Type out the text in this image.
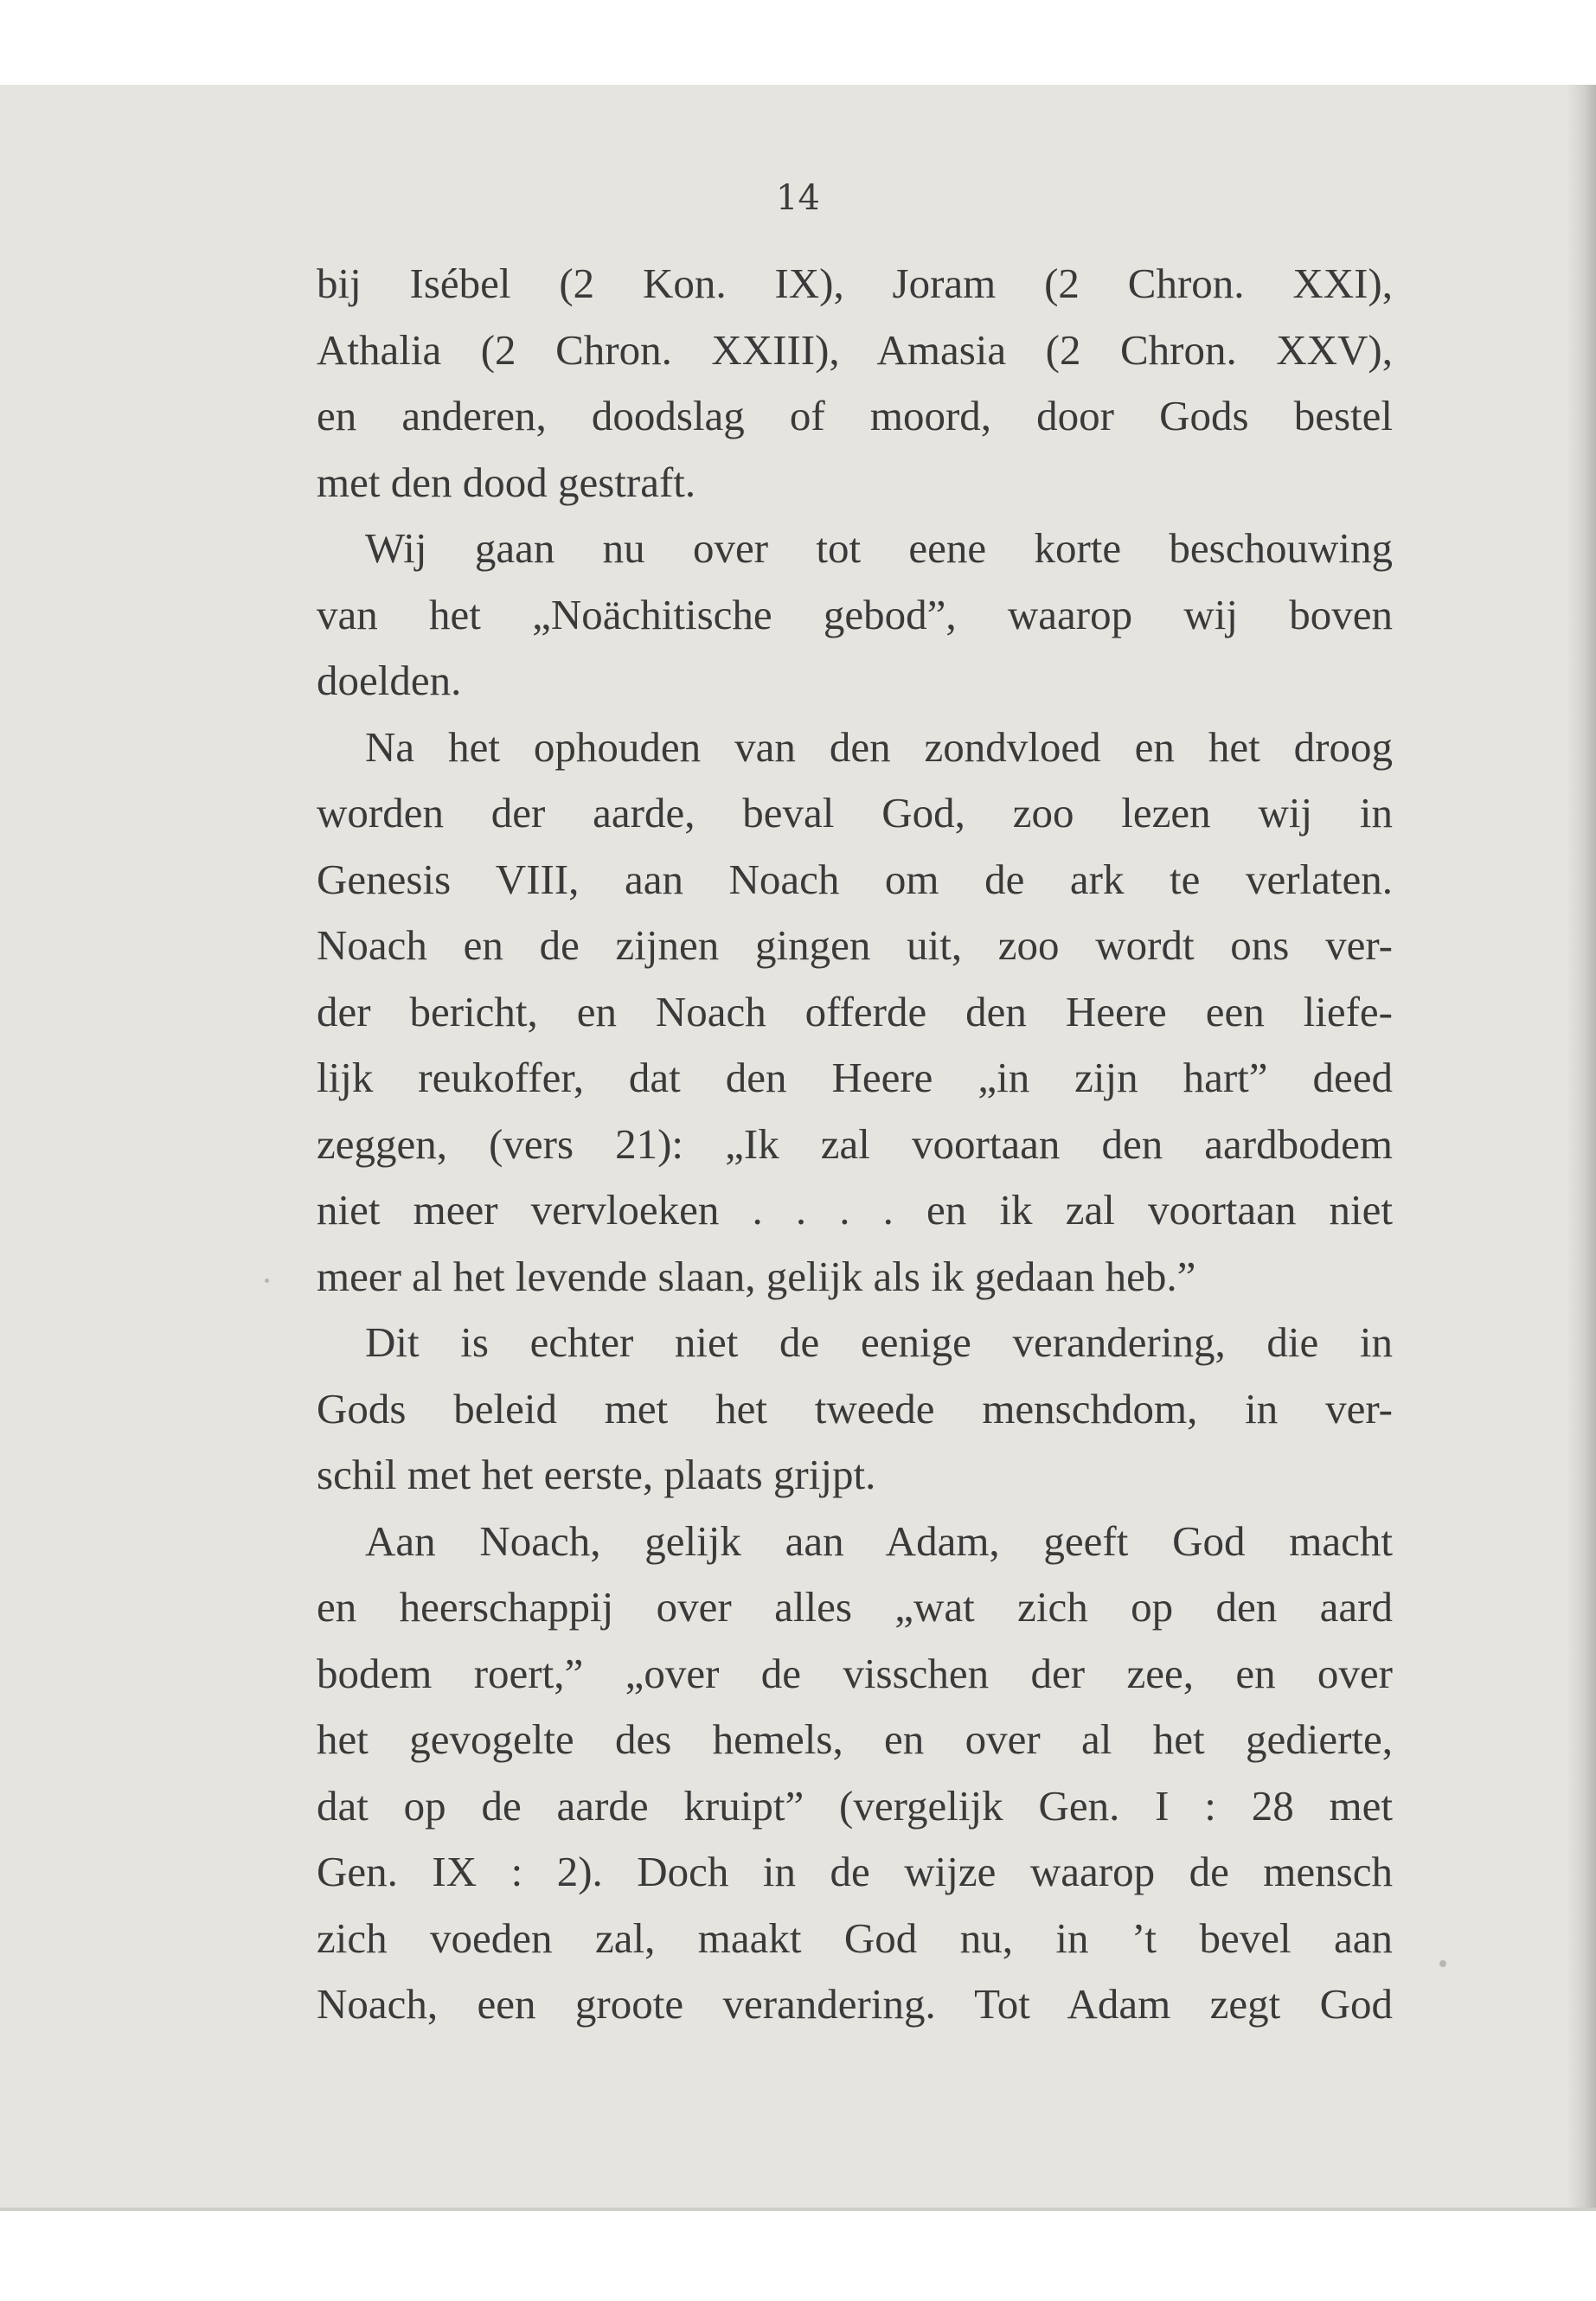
14
bij Isébel (2 Kon. IX), Joram (2 Chron. XXI),
Athalia (2 Chron. XXIII), Amasia (2 Chron. XXV),
en anderen, doodslag of moord, door Gods bestel
met den dood gestraft.
Wij gaan nu over tot eene korte beschouwing
van het „Noächitische gebod”, waarop wij boven
doelden.
Na het ophouden van den zondvloed en het droog
worden der aarde, beval God, zoo lezen wij in
Genesis VIII, aan Noach om de ark te verlaten.
Noach en de zijnen gingen uit, zoo wordt ons ver-
der bericht, en Noach offerde den Heere een liefe-
lijk reukoffer, dat den Heere „in zijn hart” deed
zeggen, (vers 21): „Ik zal voortaan den aardbodem
niet meer vervloeken . . . . en ik zal voortaan niet
meer al het levende slaan, gelijk als ik gedaan heb.”
Dit is echter niet de eenige verandering, die in
Gods beleid met het tweede menschdom, in ver-
schil met het eerste, plaats grijpt.
Aan Noach, gelijk aan Adam, geeft God macht
en heerschappij over alles „wat zich op den aard
bodem roert,” „over de visschen der zee, en over
het gevogelte des hemels, en over al het gedierte,
dat op de aarde kruipt” (vergelijk Gen. I : 28 met
Gen. IX : 2). Doch in de wijze waarop de mensch
zich voeden zal, maakt God nu, in ’t bevel aan
Noach, een groote verandering. Tot Adam zegt God
